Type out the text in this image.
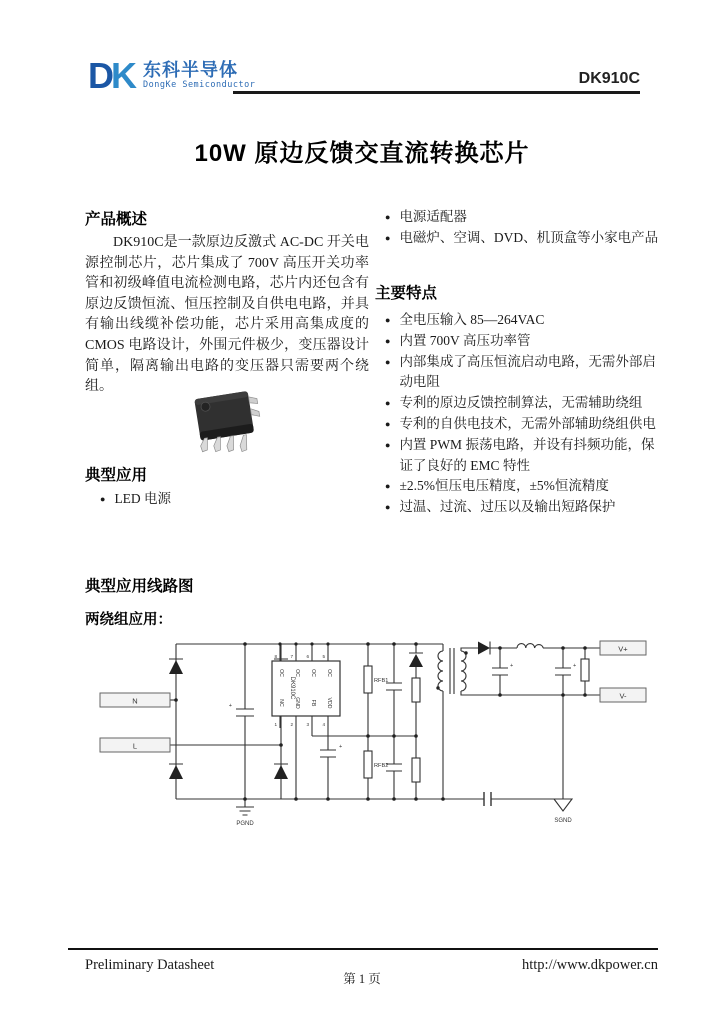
DK 东科半导体
DongKe Semiconductor	DK910C
10W 原边反馈交直流转换芯片
产品概述
DK910C是一款原边反激式 AC-DC 开关电源控制芯片，芯片集成了 700V 高压开关功率管和初级峰值电流检测电路，芯片内还包含有原边反馈恒流、恒压控制及自供电电路，并具有输出线缆补偿功能，芯片采用高集成度的 CMOS 电路设计，外围元件极少，变压器设计简单，隔离输出电路的变压器只需要两个绕组。
典型应用
● LED 电源
● 电源适配器
● 电磁炉、空调、DVD、机顶盒等小家电产品
主要特点
● 全电压输入 85—264VAC
● 内置 700V 高压功率管
● 内部集成了高压恒流启动电路，无需外部启动电阻
● 专利的原边反馈控制算法，无需辅助绕组
● 专利的自供电技术，无需外部辅助绕组供电
● 内置 PWM 振荡电路，并设有抖频功能，保证了良好的 EMC 特性
● ±2.5%恒压电压精度，±5%恒流精度
● 过温、过流、过压以及输出短路保护
典型应用线路图
两绕组应用：
DK910C
8	7	6	5
OC OC OC OC
1	2	3	4
NC GND FB VDD
N
L
V+
V-
RFB1
RFB2
+
+
+	+
PGND	SGND
Preliminary Datasheet
第 1 页
http://www.dkpower.cn
